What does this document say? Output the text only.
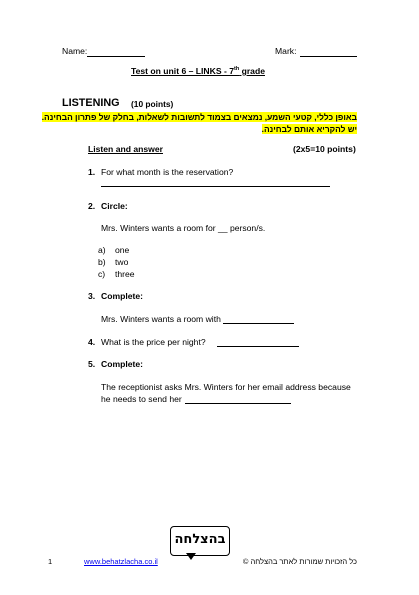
Name:	Mark:
Test on unit 6 – LINKS - 7th grade
LISTENING (10 points)
באופן כללי, קטעי השמע, נמצאים בצמוד לתשובות לשאלות, בחלק של פתרון הבחינה.
יש להקריא אותם לבחינה.
Listen and answer	(2x5=10 points)
1. For what month is the reservation?
2. Circle:
Mrs. Winters wants a room for __ person/s.
a) one
b) two
c) three
3. Complete:
Mrs. Winters wants a room with
4. What is the price per night?
5. Complete:
The receptionist asks Mrs. Winters for her email address because
he needs to send her
בהצלחה
1	www.behatzlacha.co.il	כל הזכויות שמורות לאתר בהצלחה ©
